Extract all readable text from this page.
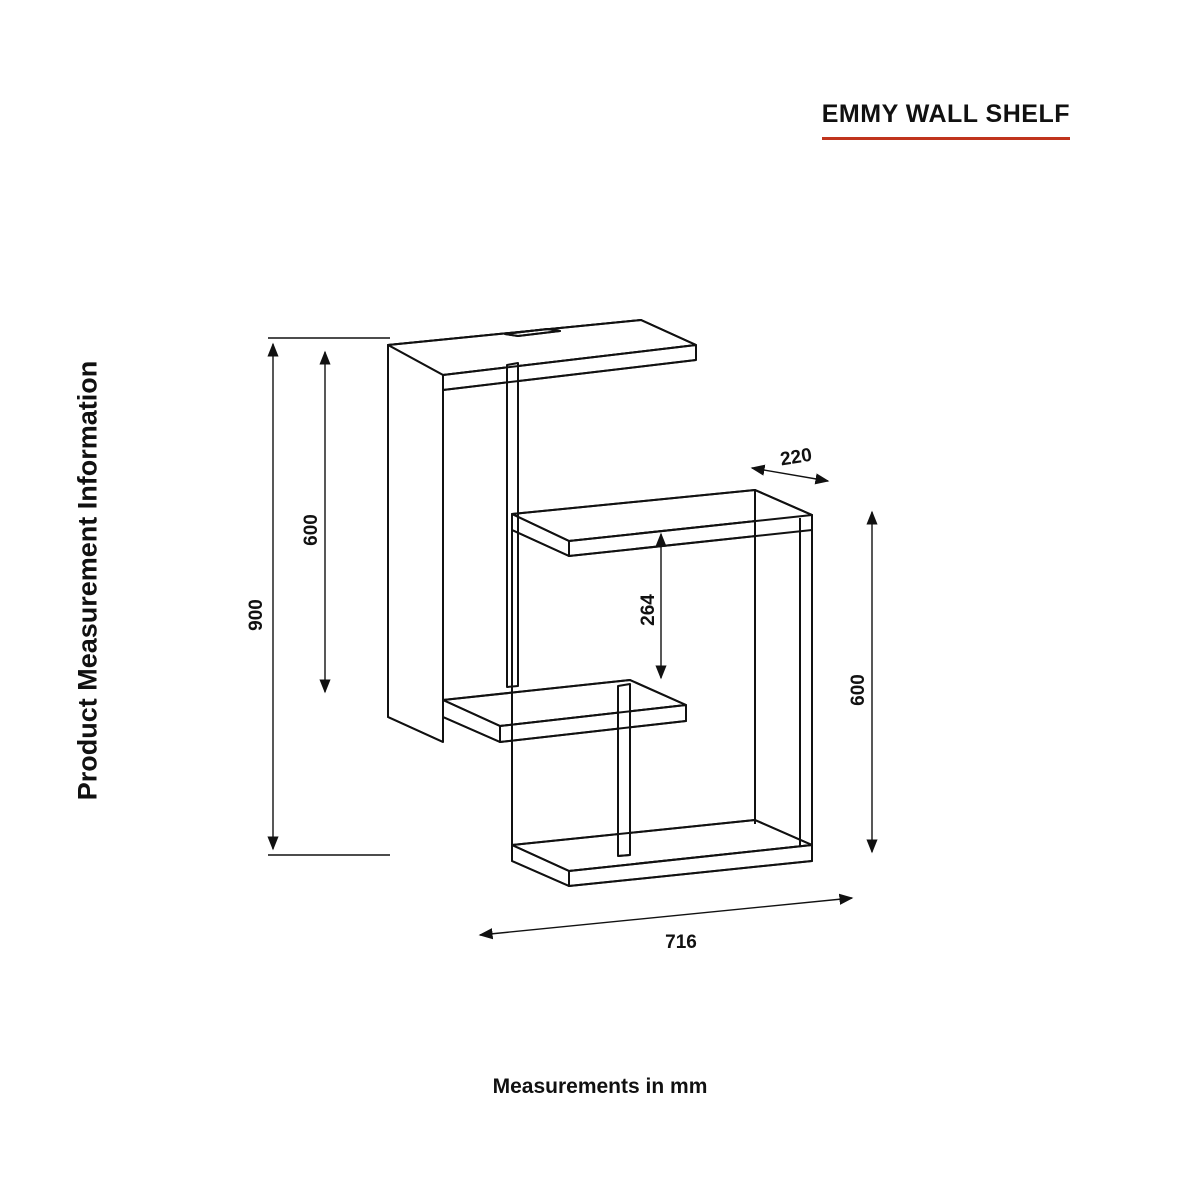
EMMY WALL SHELF
Product Measurement Information	900
600
220
264
600
716
Measurements in mm
